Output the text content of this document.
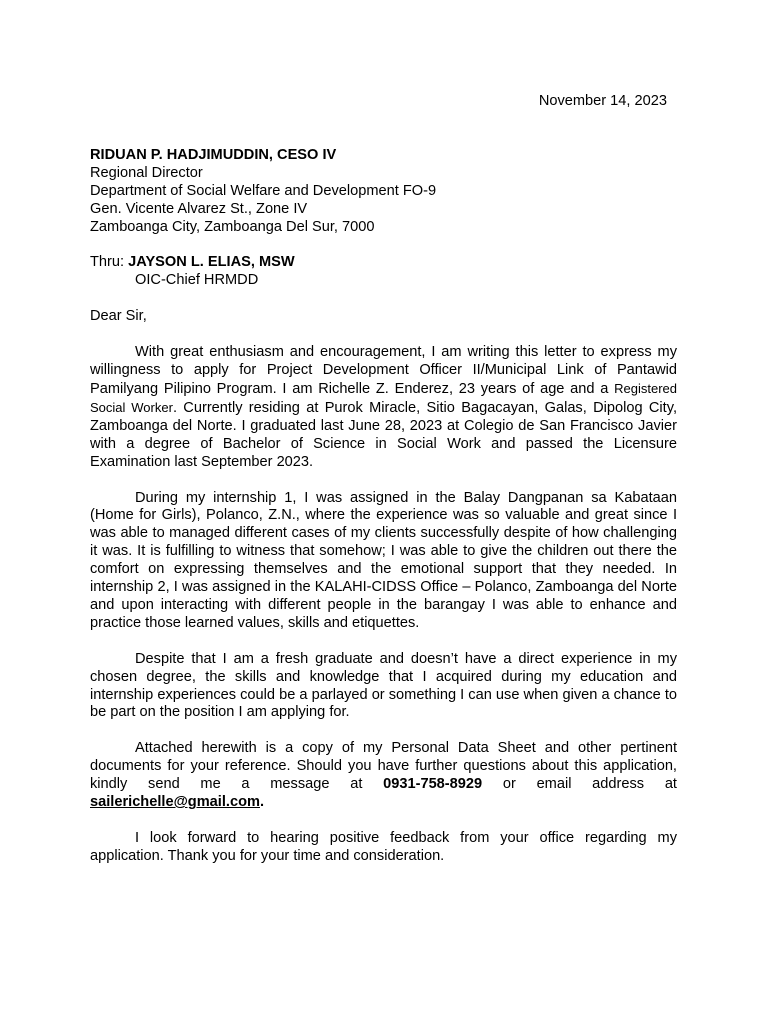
November 14, 2023
RIDUAN P. HADJIMUDDIN, CESO IV
Regional Director
Department of Social Welfare and Development FO-9
Gen. Vicente Alvarez St., Zone IV
Zamboanga City, Zamboanga Del Sur, 7000
Thru: JAYSON L. ELIAS, MSW
OIC-Chief HRMDD
Dear Sir,

With great enthusiasm and encouragement, I am writing this letter to express my willingness to apply for Project Development Officer II/Municipal Link of Pantawid Pamilyang Pilipino Program. I am Richelle Z. Enderez, 23 years of age and a Registered Social Worker. Currently residing at Purok Miracle, Sitio Bagacayan, Galas, Dipolog City, Zamboanga del Norte. I graduated last June 28, 2023 at Colegio de San Francisco Javier with a degree of Bachelor of Science in Social Work and passed the Licensure Examination last September 2023.

During my internship 1, I was assigned in the Balay Dangpanan sa Kabataan (Home for Girls), Polanco, Z.N., where the experience was so valuable and great since I was able to managed different cases of my clients successfully despite of how challenging it was. It is fulfilling to witness that somehow; I was able to give the children out there the comfort on expressing themselves and the emotional support that they needed. In internship 2, I was assigned in the KALAHI-CIDSS Office – Polanco, Zamboanga del Norte and upon interacting with different people in the barangay I was able to enhance and practice those learned values, skills and etiquettes.

Despite that I am a fresh graduate and doesn’t have a direct experience in my chosen degree, the skills and knowledge that I acquired during my education and internship experiences could be a parlayed or something I can use when given a chance to be part on the position I am applying for.

Attached herewith is a copy of my Personal Data Sheet and other pertinent documents for your reference. Should you have further questions about this application, kindly send me a message at 0931-758-8929 or email address at sailerichelle@gmail.com.

I look forward to hearing positive feedback from your office regarding my application. Thank you for your time and consideration.
